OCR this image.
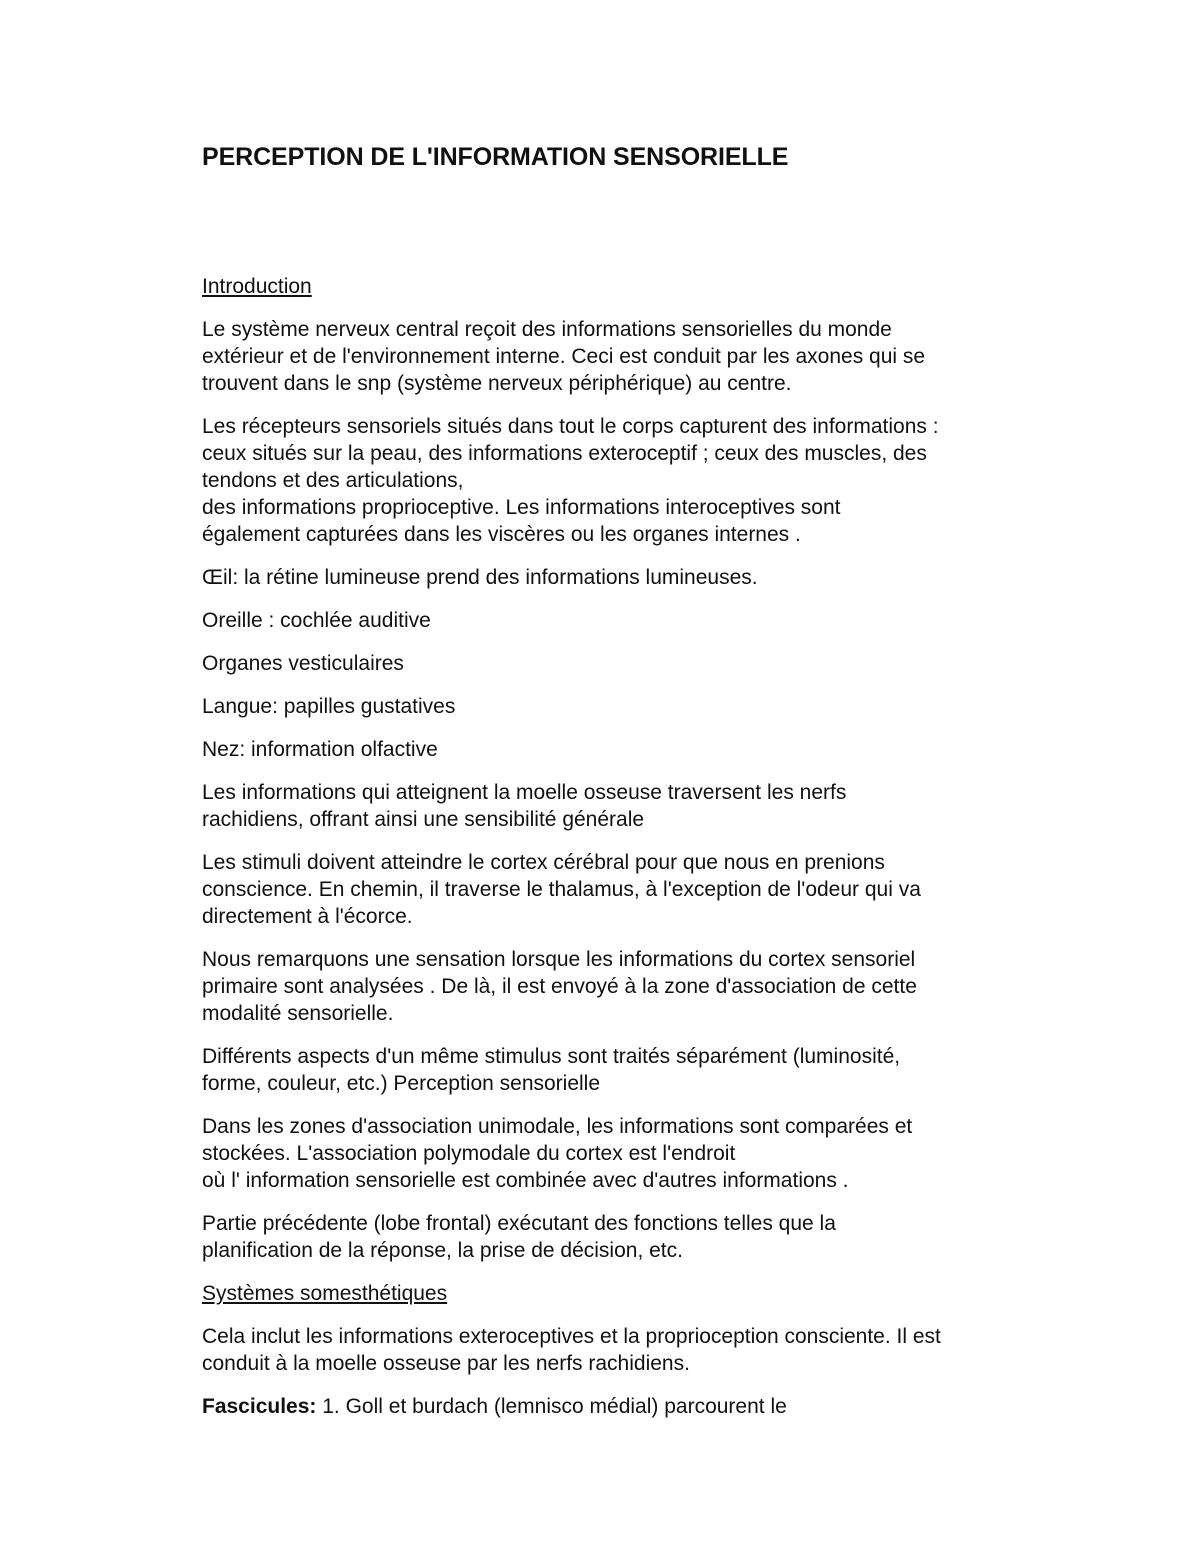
PERCEPTION DE L'INFORMATION SENSORIELLE
Introduction

Le système nerveux central reçoit des informations sensorielles du monde
extérieur et de l'environnement interne. Ceci est conduit par les axones qui se
trouvent dans le snp (système nerveux périphérique) au centre.

Les récepteurs sensoriels situés dans tout le corps capturent des informations :
ceux situés sur la peau, des informations exteroceptif ; ceux des muscles, des
tendons et des articulations,
des informations proprioceptive. Les informations interoceptives sont
également capturées dans les viscères ou les organes internes .

Œil: la rétine lumineuse prend des informations lumineuses.

Oreille : cochlée auditive

Organes vesticulaires

Langue: papilles gustatives

Nez: information olfactive

Les informations qui atteignent la moelle osseuse traversent les nerfs
rachidiens, offrant ainsi une sensibilité générale

Les stimuli doivent atteindre le cortex cérébral pour que nous en prenions
conscience. En chemin, il traverse le thalamus, à l'exception de l'odeur qui va
directement à l'écorce.

Nous remarquons une sensation lorsque les informations du cortex sensoriel
primaire sont analysées . De là, il est envoyé à la zone d'association de cette
modalité sensorielle.

Différents aspects d'un même stimulus sont traités séparément (luminosité,
forme, couleur, etc.) Perception sensorielle

Dans les zones d'association unimodale, les informations sont comparées et
stockées. L'association polymodale du cortex est l'endroit
où l' information sensorielle est combinée avec d'autres informations .

Partie précédente (lobe frontal) exécutant des fonctions telles que la
planification de la réponse, la prise de décision, etc.

Systèmes somesthétiques

Cela inclut les informations exteroceptives et la proprioception consciente. Il est
conduit à la moelle osseuse par les nerfs rachidiens.

Fascicules: 1. Goll et burdach (lemnisco médial) parcourent le
